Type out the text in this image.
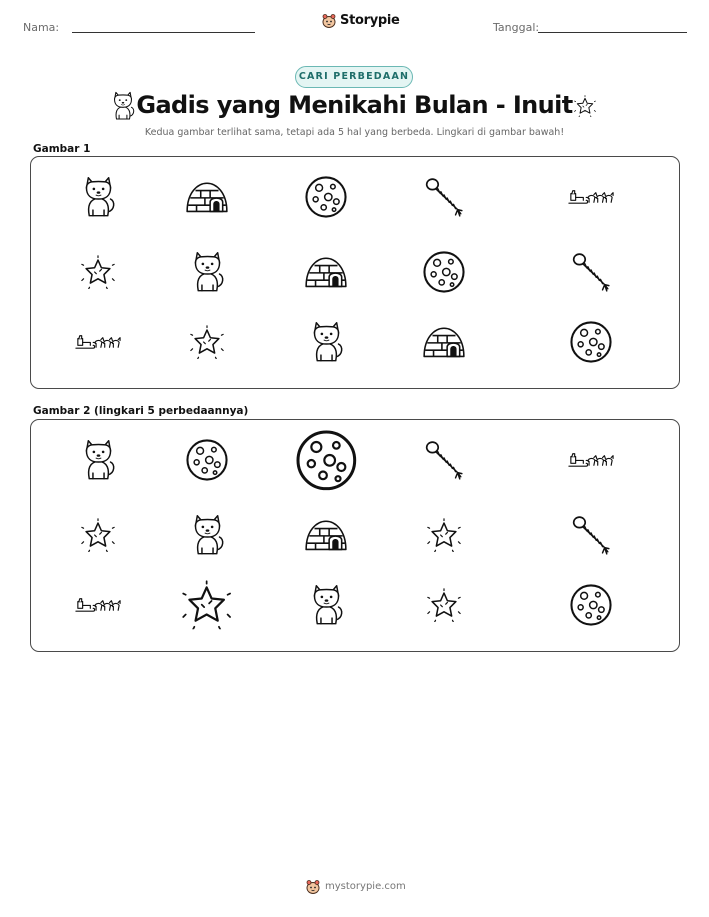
Nama:	Storypie	Tanggal:
CARI PERBEDAAN
Gadis yang Menikahi Bulan - Inuit
Kedua gambar terlihat sama, tetapi ada 5 hal yang berbeda. Lingkari di gambar bawah!
Gambar 1
Gambar 2 (lingkari 5 perbedaannya)
mystorypie.com
